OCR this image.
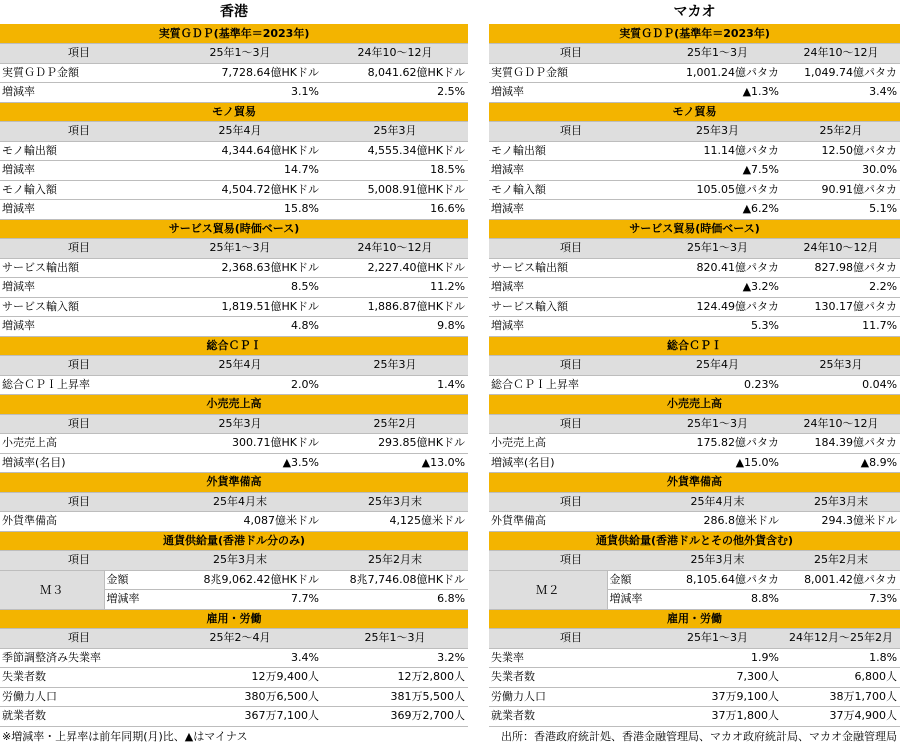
香港
実質ＧＤＰ(基準年＝2023年)			
項目		25年1～3月	24年10～12月
実質ＧＤＰ金額		7,728.64億HKドル	8,041.62億HKドル
増減率		3.1%	2.5%
モノ貿易			
項目		25年4月	25年3月
モノ輸出額		4,344.64億HKドル	4,555.34億HKドル
増減率		14.7%	18.5%
モノ輸入額		4,504.72億HKドル	5,008.91億HKドル
増減率		15.8%	16.6%
サービス貿易(時価ベース)			
項目		25年1～3月	24年10～12月
サービス輸出額		2,368.63億HKドル	2,227.40億HKドル
増減率		8.5%	11.2%
サービス輸入額		1,819.51億HKドル	1,886.87億HKドル
増減率		4.8%	9.8%
総合ＣＰＩ			
項目		25年4月	25年3月
総合ＣＰＩ上昇率		2.0%	1.4%
小売売上高			
項目		25年3月	25年2月
小売売上高		300.71億HKドル	293.85億HKドル
増減率(名目)		▲3.5%	▲13.0%
外貨準備高			
項目		25年4月末	25年3月末
外貨準備高		4,087億米ドル	4,125億米ドル
通貨供給量(香港ドル分のみ)			
項目		25年3月末	25年2月末
Ｍ３	金額	8兆9,062.42億HKドル	8兆7,746.08億HKドル
	増減率	7.7%	6.8%
雇用・労働			
項目		25年2～4月	25年1～3月
季節調整済み失業率		3.4%	3.2%
失業者数		12万9,400人	12万2,800人
労働力人口		380万6,500人	381万5,500人
就業者数		367万7,100人	369万2,700人
マカオ
実質ＧＤＰ(基準年＝2023年)			
項目		25年1～3月	24年10～12月
実質ＧＤＰ金額		1,001.24億パタカ	1,049.74億パタカ
増減率		▲1.3%	3.4%
モノ貿易			
項目		25年3月	25年2月
モノ輸出額		11.14億パタカ	12.50億パタカ
増減率		▲7.5%	30.0%
モノ輸入額		105.05億パタカ	90.91億パタカ
増減率		▲6.2%	5.1%
サービス貿易(時価ベース)			
項目		25年1～3月	24年10～12月
サービス輸出額		820.41億パタカ	827.98億パタカ
増減率		▲3.2%	2.2%
サービス輸入額		124.49億パタカ	130.17億パタカ
増減率		5.3%	11.7%
総合ＣＰＩ			
項目		25年4月	25年3月
総合ＣＰＩ上昇率		0.23%	0.04%
小売売上高			
項目		25年1～3月	24年10～12月
小売売上高		175.82億パタカ	184.39億パタカ
増減率(名目)		▲15.0%	▲8.9%
外貨準備高			
項目		25年4月末	25年3月末
外貨準備高		286.8億米ドル	294.3億米ドル
通貨供給量(香港ドルとその他外貨含む)			
項目		25年3月末	25年2月末
Ｍ２	金額	8,105.64億パタカ	8,001.42億パタカ
	増減率	8.8%	7.3%
雇用・労働			
項目		25年1～3月	24年12月～25年2月
失業率		1.9%	1.8%
失業者数		7,300人	6,800人
労働力人口		37万9,100人	38万1,700人
就業者数		37万1,800人	37万4,900人
※増減率・上昇率は前年同期(月)比、▲はマイナス	出所：香港政府統計処、香港金融管理局、マカオ政府統計局、マカオ金融管理局
